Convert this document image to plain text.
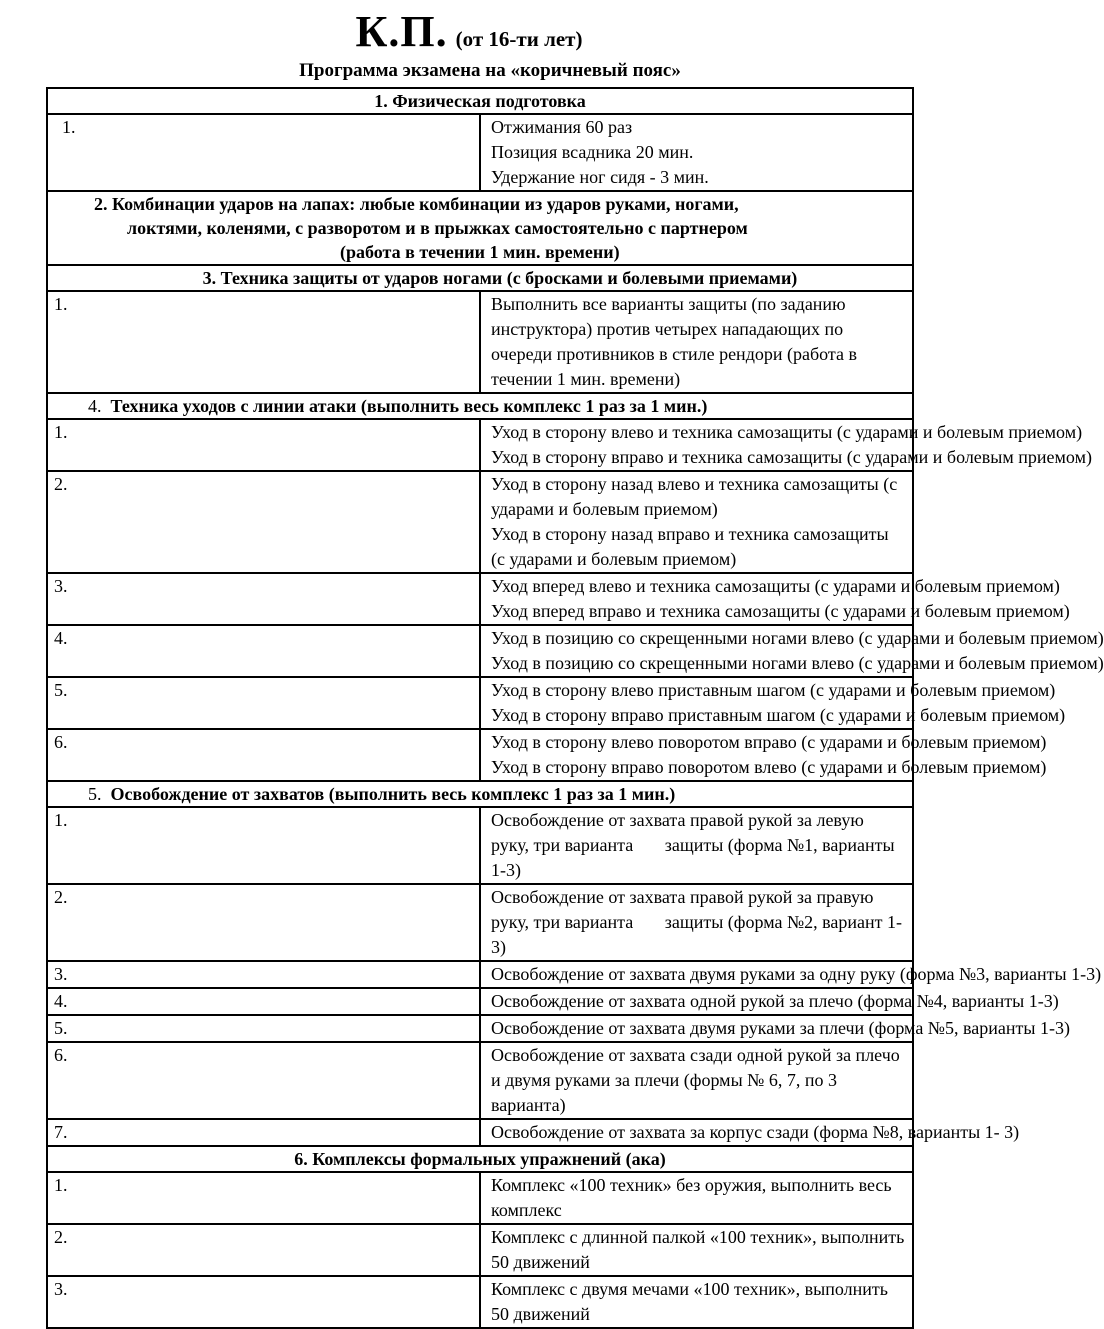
К.П. (от 16-ти лет)
Программа экзамена на «коричневый пояс»
1. Физическая подготовка	
1.	Отжимания 60 раз
Позиция всадника 20 мин.
Удержание ног сидя - 3 мин.

2. Комбинации ударов на лапах: любые комбинации из ударов руками, ногами,
локтями, коленями, с разворотом и в прыжках самостоятельно с партнером
(работа в течении 1 мин. времени)	

3. Техника защиты от ударов ногами (с бросками и болевыми приемами)	
1.	Выполнить все варианты защиты (по заданию инструктора) против четырех нападающих по очереди противников в стиле рендори (работа в течении 1 мин. времени)
4. Техника уходов с линии атаки (выполнить весь комплекс 1 раз за 1 мин.)	
1.	Уход в сторону влево и техника самозащиты (с ударами и болевым приемом)
Уход в сторону вправо и техника самозащиты (с ударами и болевым приемом)

2.	Уход в сторону назад влево и техника самозащиты (с ударами и болевым приемом)
Уход в сторону назад вправо и техника самозащиты (с ударами и болевым приемом)

3.	Уход вперед влево и техника самозащиты (с ударами и болевым приемом)
Уход вперед вправо и техника самозащиты (с ударами и болевым приемом)

4.	Уход в позицию со скрещенными ногами влево (с ударами и болевым приемом)
Уход в позицию со скрещенными ногами влево (с ударами и болевым приемом)

5.	Уход в сторону влево приставным шагом (с ударами и болевым приемом)
Уход в сторону вправо приставным шагом (с ударами и болевым приемом)

6.	Уход в сторону влево поворотом вправо (с ударами и болевым приемом)
Уход в сторону вправо поворотом влево (с ударами и болевым приемом)

5. Освобождение от захватов (выполнить весь комплекс 1 раз за 1 мин.)	
1.	Освобождение от захвата правой рукой за левую руку, три варианта       защиты (форма №1, варианты 1-3)
2.	Освобождение от захвата правой рукой за правую руку, три варианта       защиты (форма №2, вариант 1-3)
3.	Освобождение от захвата двумя руками за одну руку (форма №3, варианты 1-3)
4.	Освобождение от захвата одной рукой за плечо (форма №4, варианты 1-3)
5.	Освобождение от захвата двумя руками за плечи (форма №5, варианты 1-3)
6.	Освобождение от захвата сзади одной рукой за плечо и двумя руками за плечи (формы № 6, 7, по 3 варианта)
7.	Освобождение от захвата за корпус сзади (форма №8, варианты 1- 3)
6. Комплексы формальных упражнений (ака)	
1.	Комплекс «100 техник» без оружия, выполнить весь комплекс
2.	Комплекс с длинной палкой «100 техник», выполнить 50 движений
3.	Комплекс с двумя мечами «100 техник», выполнить 50 движений
